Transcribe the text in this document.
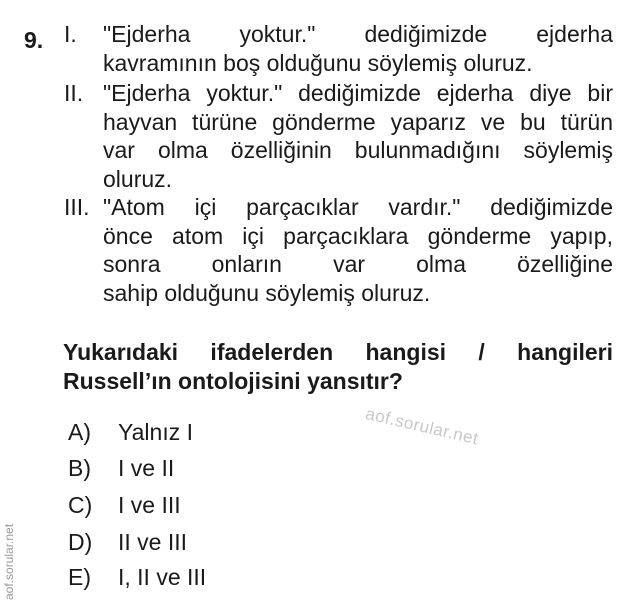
9. I. "Ejderha yoktur." dediğimizde ejderha
kavramının boş olduğunu söylemiş oluruz.
II. "Ejderha yoktur." dediğimizde ejderha diye bir
hayvan türüne gönderme yaparız ve bu türün
var olma özelliğinin bulunmadığını söylemiş
oluruz.
III. "Atom içi parçacıklar vardır." dediğimizde
önce atom içi parçacıklara gönderme yapıp,
sonra onların var olma özelliğine
sahip olduğunu söylemiş oluruz.
Yukarıdaki ifadelerden hangisi / hangileri
Russell’ın ontolojisini yansıtır?
aof.sorular.net
A) Yalnız I
B) I ve II
C) I ve III
D) II ve III
E) I, II ve III
aof.sorular.net
